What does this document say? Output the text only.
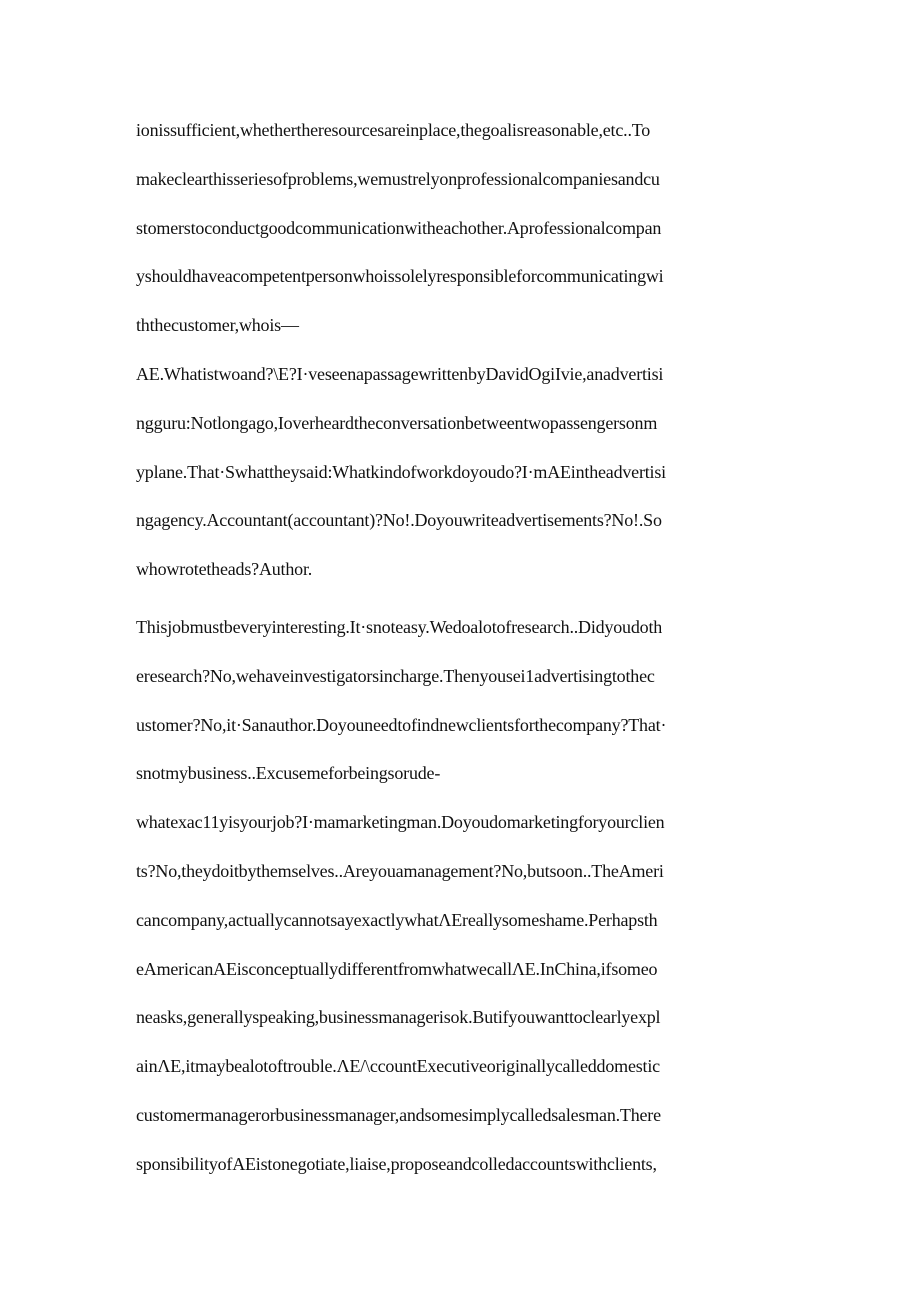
ionissufficient,whethertheresourcesareinplace,thegoalisreasonable,etc..To
makeclearthisseriesofproblems,wemustrelyonprofessionalcompaniesandcu
stomerstoconductgoodcommunicationwitheachother.Aprofessionalcompan
yshouldhaveacompetentpersonwhoissolelyresponsibleforcommunicatingwi
ththecustomer,whois—
AE.Whatistwoand?\E?I·veseenapassagewrittenbyDavidOgiIvie,anadvertisi
ngguru:Notlongago,Ioverheardtheconversationbetweentwopassengersonm
yplane.That·Swhattheysaid:Whatkindofworkdoyoudo?I·mAEintheadvertisi
ngagency.Accountant(accountant)?No!.Doyouwriteadvertisements?No!.So
whowrotetheads?Author.
Thisjobmustbeveryinteresting.It·snoteasy.Wedoalotofresearch..Didyoudoth
eresearch?No,wehaveinvestigatorsincharge.Thenyousei1advertisingtothec
ustomer?No,it·Sanauthor.Doyouneedtofindnewclientsforthecompany?That·
snotmybusiness..Excusemeforbeingsorude-
whatexac11yisyourjob?I·mamarketingman.Doyoudomarketingforyourclien
ts?No,theydoitbythemselves..Areyouamanagement?No,butsoon..TheAmeri
cancompany,actuallycannotsayexactlywhatΛEreallysomeshame.Perhapsth
eAmericanAEisconceptuallydifferentfromwhatwecallΛE.InChina,ifsomeo
neasks,generallyspeaking,businessmanagerisok.Butifyouwanttoclearlyexpl
ainΛE,itmaybealotoftrouble.ΛE/\ccountExecutiveoriginallycalleddomestic
customermanagerorbusinessmanager,andsomesimplycalledsalesman.There
sponsibilityofAEistonegotiate,liaise,proposeandcolledaccountswithclients,
